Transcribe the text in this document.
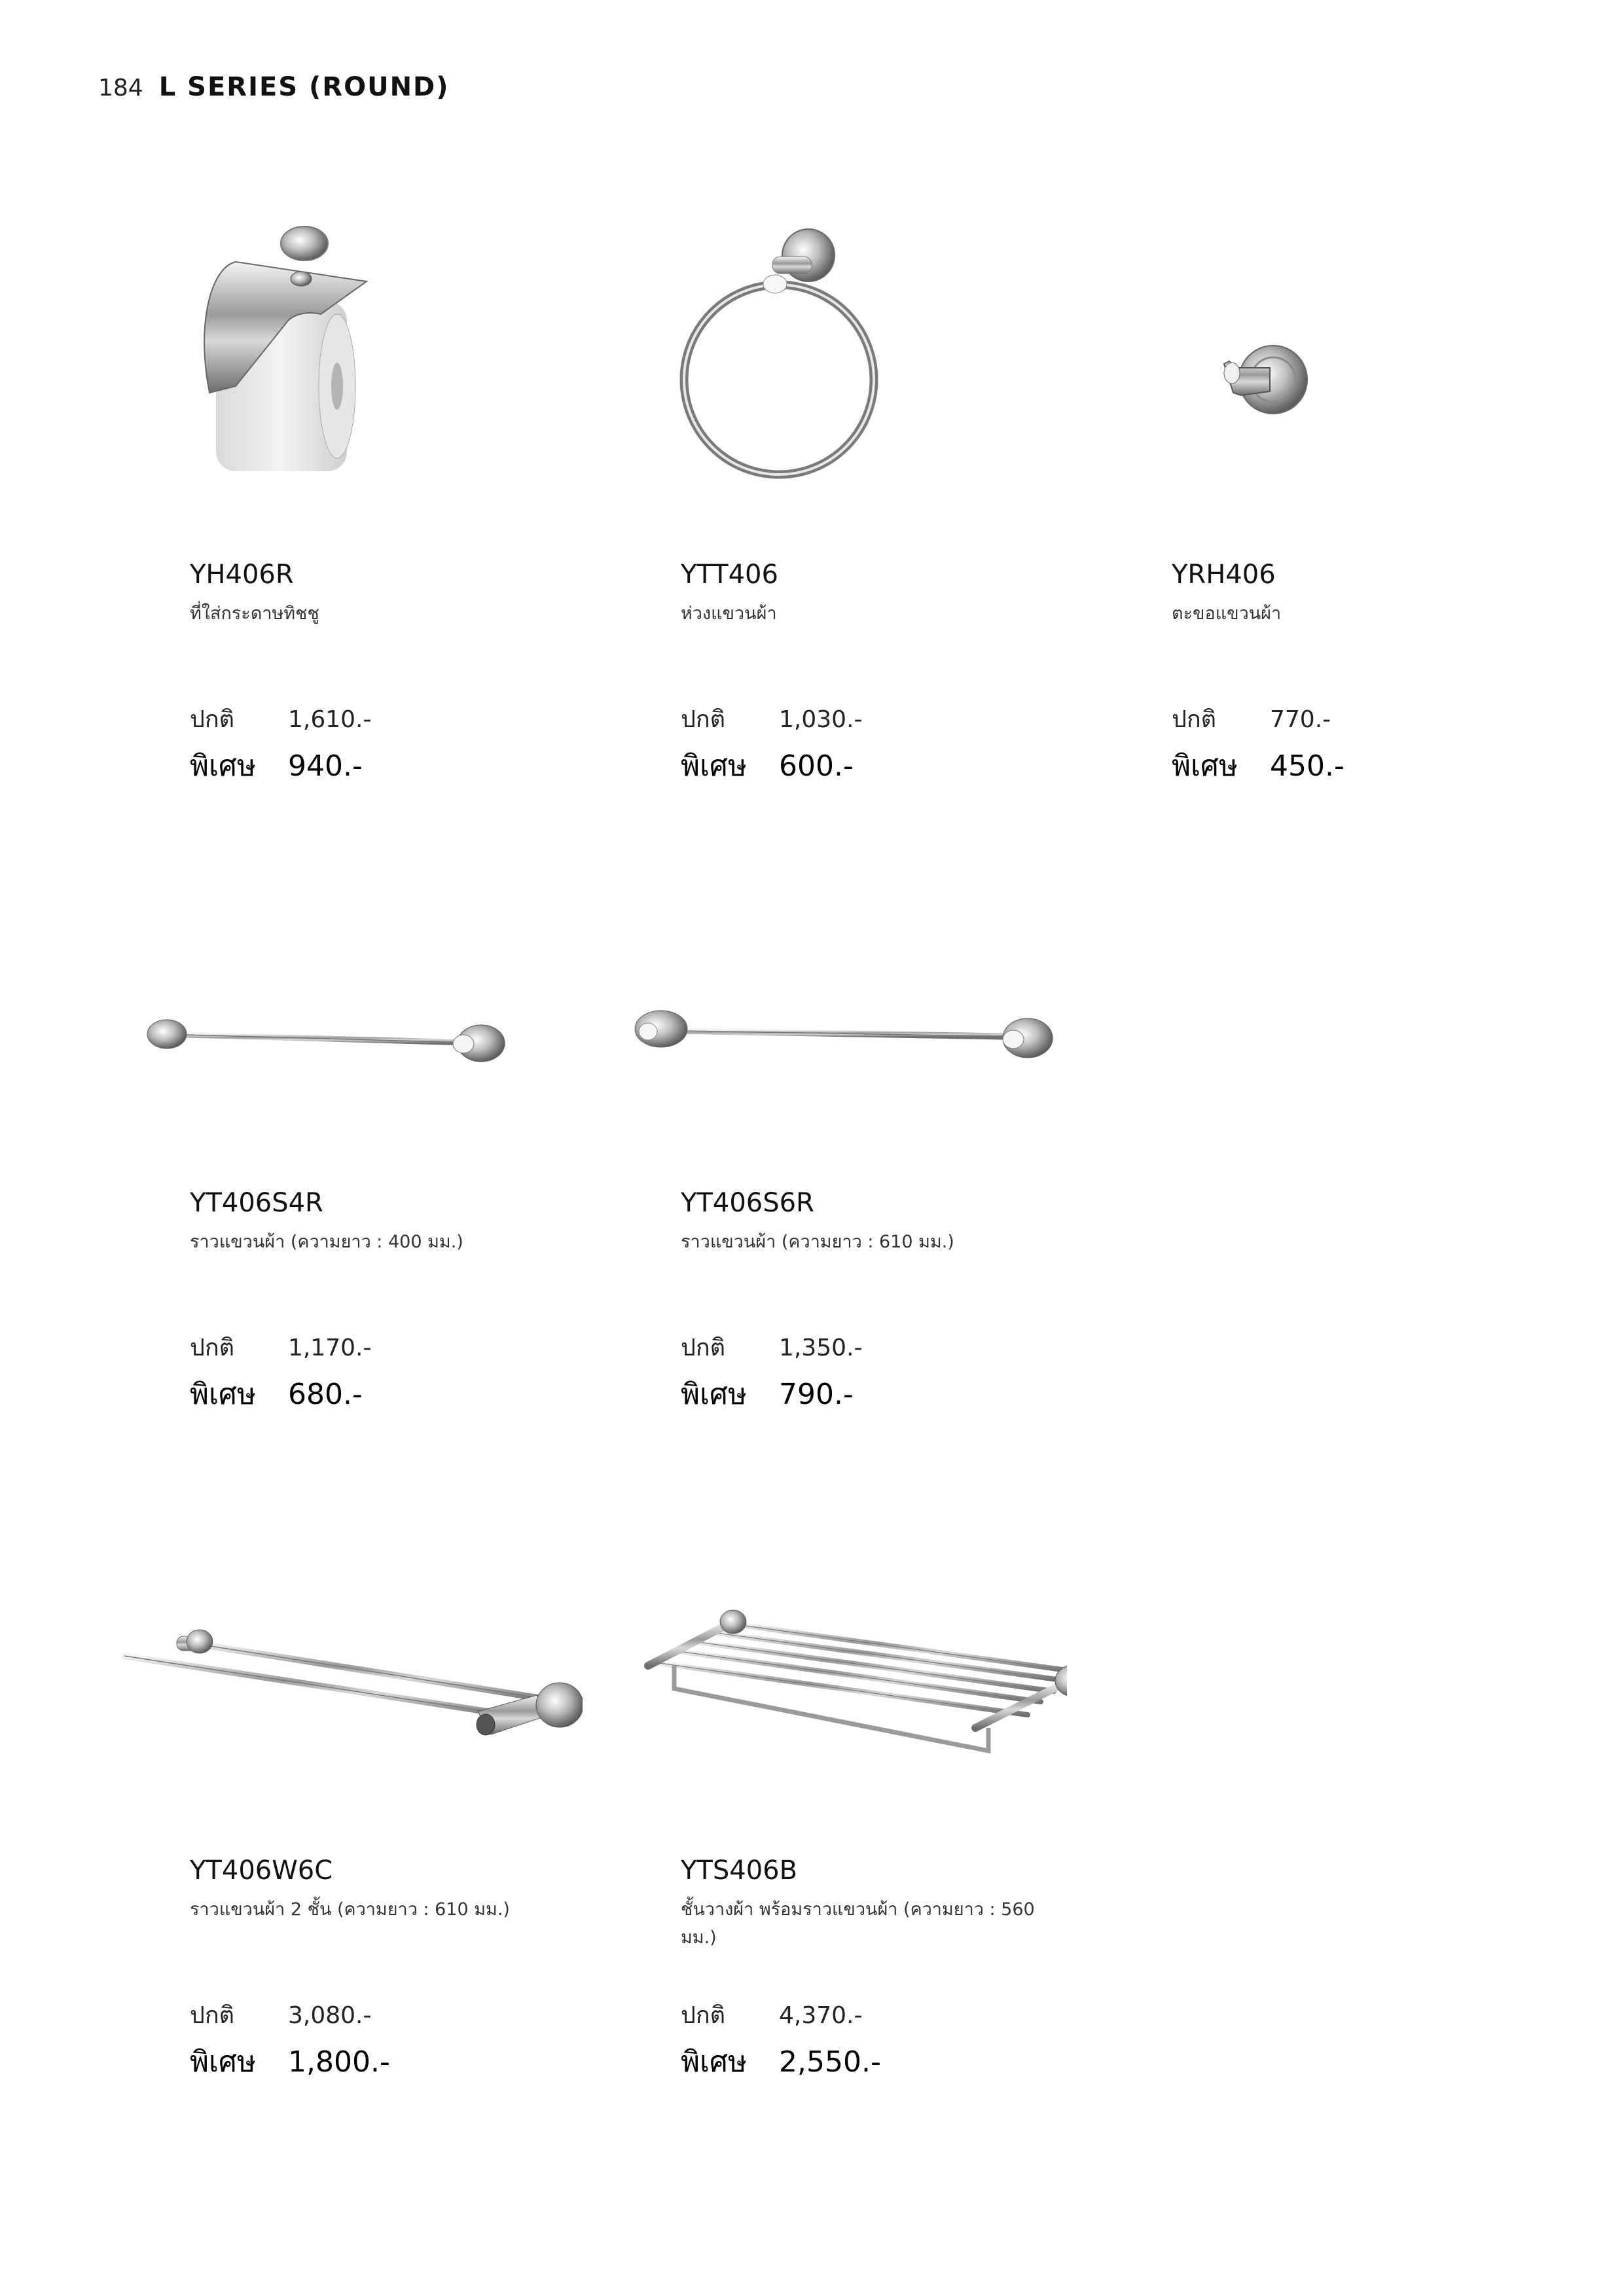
184 L SERIES (ROUND)
YH406R
ที่ใส่กระดาษทิชชู
ปกติ	1,610.-
พิเศษ	940.-
YTT406
ห่วงแขวนผ้า
ปกติ	1,030.-
พิเศษ	600.-
YRH406
ตะขอแขวนผ้า
ปกติ	770.-
พิเศษ	450.-
YT406S4R
ราวแขวนผ้า (ความยาว : 400 มม.)
ปกติ	1,170.-
พิเศษ	680.-
YT406S6R
ราวแขวนผ้า (ความยาว : 610 มม.)
ปกติ	1,350.-
พิเศษ	790.-
YT406W6C
ราวแขวนผ้า 2 ชั้น (ความยาว : 610 มม.)
ปกติ	3,080.-
พิเศษ	1,800.-
YTS406B
ชั้นวางผ้า พร้อมราวแขวนผ้า (ความยาว : 560 มม.)
ปกติ	4,370.-
พิเศษ	2,550.-
